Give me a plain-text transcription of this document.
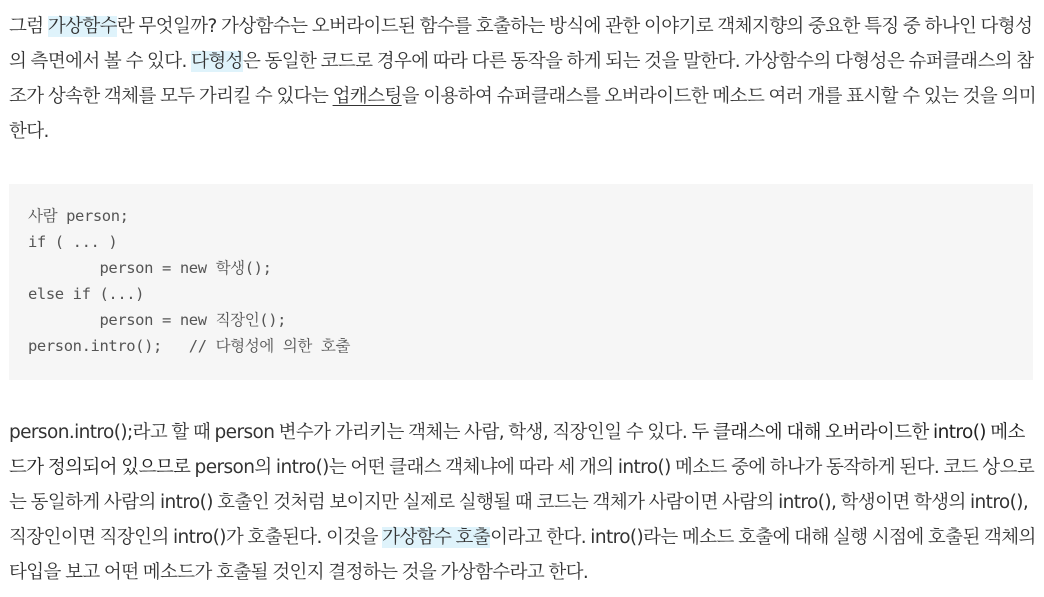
그럼 가상함수란 무엇일까? 가상함수는 오버라이드된 함수를 호출하는 방식에 관한 이야기로 객체지향의 중요한 특징 중 하나인 다형성의 측면에서 볼 수 있다. 다형성은 동일한 코드로 경우에 따라 다른 동작을 하게 되는 것을 말한다. 가상함수의 다형성은 슈퍼클래스의 참조가 상속한 객체를 모두 가리킬 수 있다는 업캐스팅을 이용하여 슈퍼클래스를 오버라이드한 메소드 여러 개를 표시할 수 있는 것을 의미한다.

사람 person;
if ( ... )
person = new 학생();
else if (...)
person = new 직장인();
person.intro();   // 다형성에 의한 호출

person.intro();라고 할 때 person 변수가 가리키는 객체는 사람, 학생, 직장인일 수 있다. 두 클래스에 대해 오버라이드한 intro() 메소드가 정의되어 있으므로 person의 intro()는 어떤 클래스 객체냐에 따라 세 개의 intro() 메소드 중에 하나가 동작하게 된다. 코드 상으로는 동일하게 사람의 intro() 호출인 것처럼 보이지만 실제로 실행될 때 코드는 객체가 사람이면 사람의 intro(), 학생이면 학생의 intro(), 직장인이면 직장인의 intro()가 호출된다. 이것을 가상함수 호출이라고 한다. intro()라는 메소드 호출에 대해 실행 시점에 호출된 객체의 타입을 보고 어떤 메소드가 호출될 것인지 결정하는 것을 가상함수라고 한다.
